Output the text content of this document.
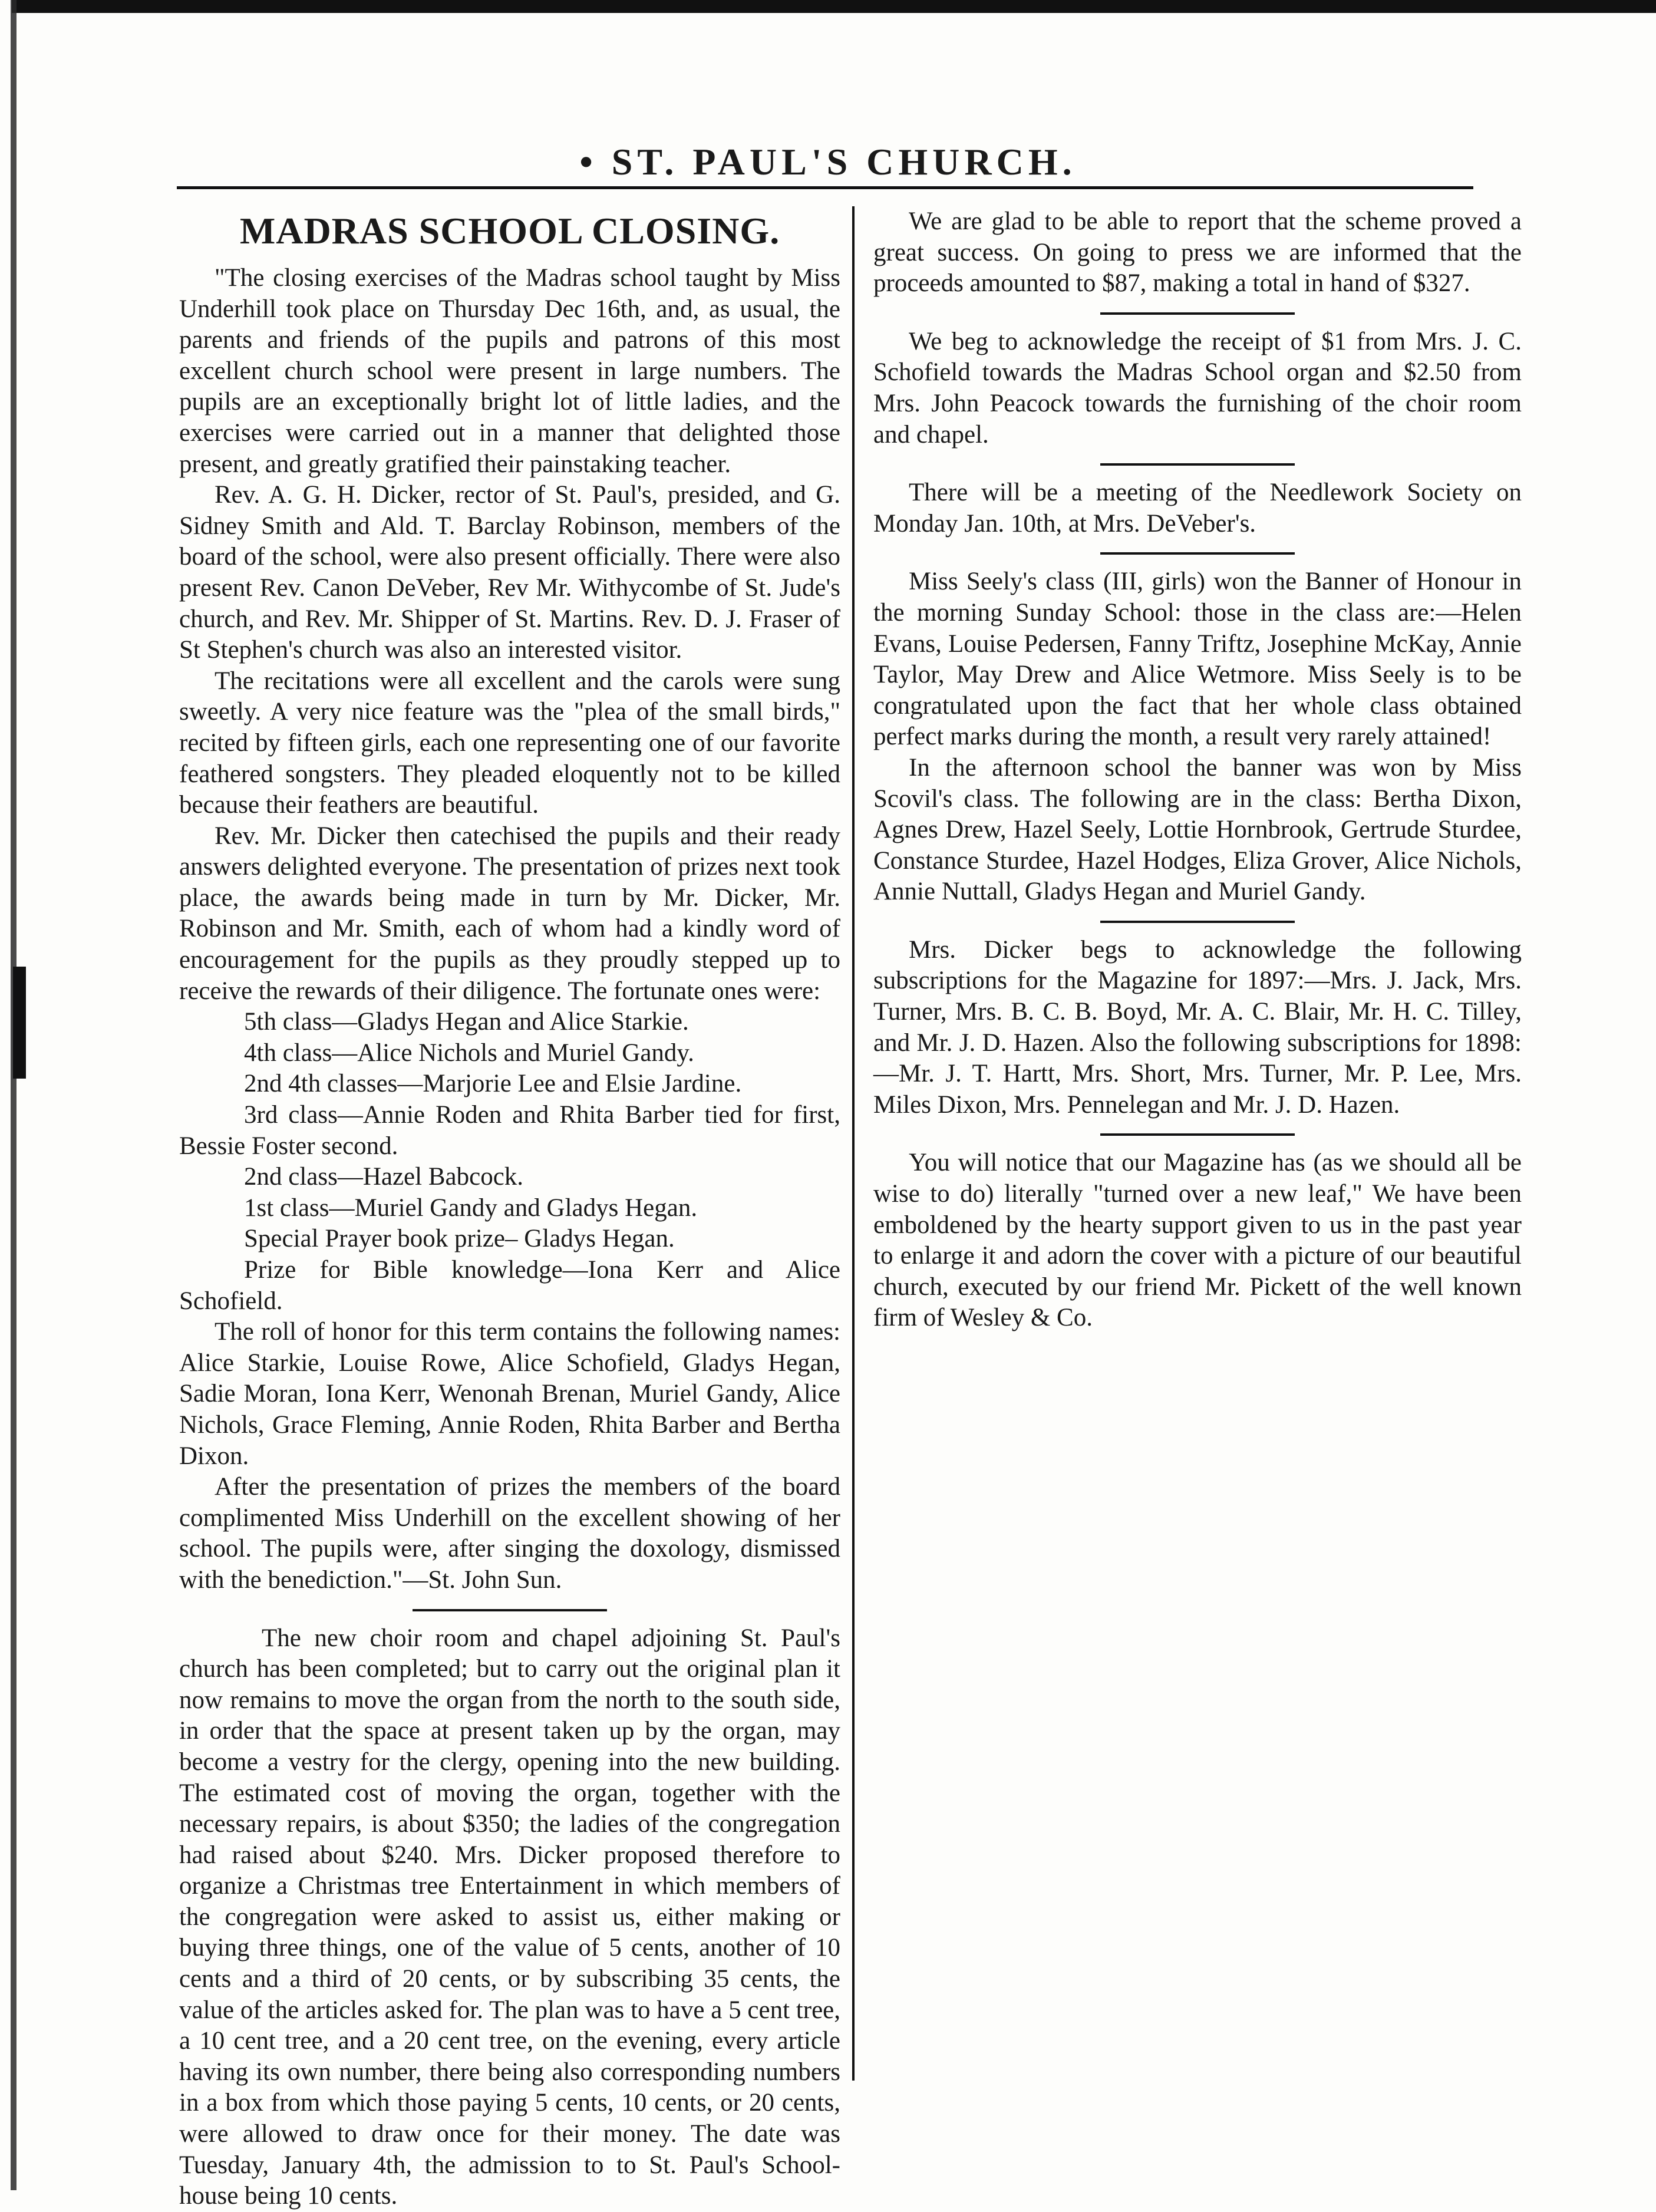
• ST. PAUL'S CHURCH.
MADRAS SCHOOL CLOSING.

"The closing exercises of the Madras school taught by Miss Underhill took place on Thursday Dec 16th, and, as usual, the parents and friends of the pupils and patrons of this most excellent church school were present in large numbers. The pupils are an exceptionally bright lot of little ladies, and the exercises were carried out in a manner that delighted those present, and greatly gratified their painstaking teacher.

Rev. A. G. H. Dicker, rector of St. Paul's, presided, and G. Sidney Smith and Ald. T. Barclay Robinson, members of the board of the school, were also present officially. There were also present Rev. Canon DeVeber, Rev Mr. Withycombe of St. Jude's church, and Rev. Mr. Shipper of St. Martins. Rev. D. J. Fraser of St Stephen's church was also an interested visitor.

The recitations were all excellent and the carols were sung sweetly. A very nice feature was the "plea of the small birds," recited by fifteen girls, each one representing one of our favorite feathered songsters. They pleaded eloquently not to be killed because their feathers are beautiful.

Rev. Mr. Dicker then catechised the pupils and their ready answers delighted everyone. The presentation of prizes next took place, the awards being made in turn by Mr. Dicker, Mr. Robinson and Mr. Smith, each of whom had a kindly word of encouragement for the pupils as they proudly stepped up to receive the rewards of their diligence. The fortunate ones were:

5th class—Gladys Hegan and Alice Starkie.

4th class—Alice Nichols and Muriel Gandy.

2nd 4th classes—Marjorie Lee and Elsie Jardine.

3rd class—Annie Roden and Rhita Barber tied for first, Bessie Foster second.

2nd class—Hazel Babcock.

1st class—Muriel Gandy and Gladys Hegan.

Special Prayer book prize– Gladys Hegan.

Prize for Bible knowledge—Iona Kerr and Alice Schofield.

The roll of honor for this term contains the following names: Alice Starkie, Louise Rowe, Alice Schofield, Gladys Hegan, Sadie Moran, Iona Kerr, Wenonah Brenan, Muriel Gandy, Alice Nichols, Grace Fleming, Annie Roden, Rhita Barber and Bertha Dixon.

After the presentation of prizes the members of the board complimented Miss Underhill on the excellent showing of her school. The pupils were, after singing the doxology, dismissed with the benediction."—St. John Sun.

The new choir room and chapel adjoining St. Paul's church has been completed; but to carry out the original plan it now remains to move the organ from the north to the south side, in order that the space at present taken up by the organ, may become a vestry for the clergy, opening into the new building. The estimated cost of moving the organ, together with the necessary repairs, is about $350; the ladies of the congregation had raised about $240. Mrs. Dicker proposed therefore to organize a Christmas tree Entertainment in which members of the congregation were asked to assist us, either making or buying three things, one of the value of 5 cents, another of 10 cents and a third of 20 cents, or by subscribing 35 cents, the value of the articles asked for. The plan was to have a 5 cent tree, a 10 cent tree, and a 20 cent tree, on the evening, every article having its own number, there being also corresponding numbers in a box from which those paying 5 cents, 10 cents, or 20 cents, were allowed to draw once for their money. The date was Tuesday, January 4th, the admission to to St. Paul's School-house being 10 cents.

We are glad to be able to report that the scheme proved a great success. On going to press we are informed that the proceeds amounted to $87, making a total in hand of $327.

We beg to acknowledge the receipt of $1 from Mrs. J. C. Schofield towards the Madras School organ and $2.50 from Mrs. John Peacock towards the furnishing of the choir room and chapel.

There will be a meeting of the Needlework Society on Monday Jan. 10th, at Mrs. DeVeber's.

Miss Seely's class (III, girls) won the Banner of Honour in the morning Sunday School: those in the class are:—Helen Evans, Louise Pedersen, Fanny Triftz, Josephine McKay, Annie Taylor, May Drew and Alice Wetmore. Miss Seely is to be congratulated upon the fact that her whole class obtained perfect marks during the month, a result very rarely attained!

In the afternoon school the banner was won by Miss Scovil's class. The following are in the class: Bertha Dixon, Agnes Drew, Hazel Seely, Lottie Hornbrook, Gertrude Sturdee, Constance Sturdee, Hazel Hodges, Eliza Grover, Alice Nichols, Annie Nuttall, Gladys Hegan and Muriel Gandy.

Mrs. Dicker begs to acknowledge the following subscriptions for the Magazine for 1897:—Mrs. J. Jack, Mrs. Turner, Mrs. B. C. B. Boyd, Mr. A. C. Blair, Mr. H. C. Tilley, and Mr. J. D. Hazen. Also the following subscriptions for 1898:—Mr. J. T. Hartt, Mrs. Short, Mrs. Turner, Mr. P. Lee, Mrs. Miles Dixon, Mrs. Pennelegan and Mr. J. D. Hazen.

You will notice that our Magazine has (as we should all be wise to do) literally "turned over a new leaf," We have been emboldened by the hearty support given to us in the past year to enlarge it and adorn the cover with a picture of our beautiful church, executed by our friend Mr. Pickett of the well known firm of Wesley & Co.
